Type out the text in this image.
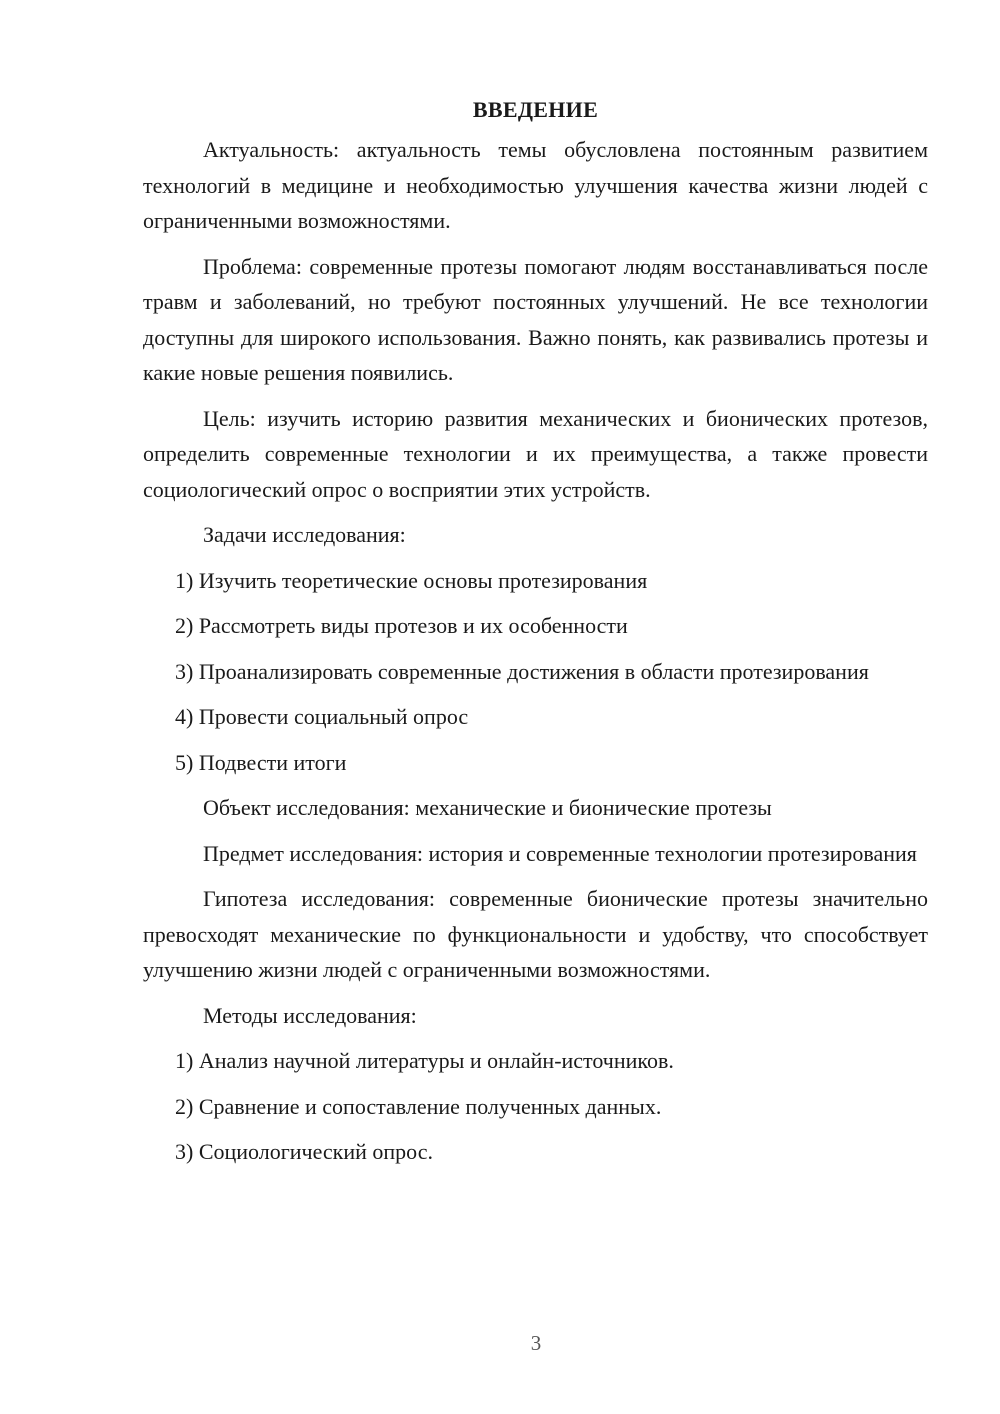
ВВЕДЕНИЕ

Актуальность: актуальность темы обусловлена постоянным развитием технологий в медицине и необходимостью улучшения качества жизни людей с ограниченными возможностями.

Проблема: современные протезы помогают людям восстанавливаться после травм и заболеваний, но требуют постоянных улучшений. Не все технологии доступны для широкого использования. Важно понять, как развивались протезы и какие новые решения появились.

Цель: изучить историю развития механических и бионических протезов, определить современные технологии и их преимущества, а также провести социологический опрос о восприятии этих устройств.

Задачи исследования:

1) Изучить теоретические основы протезирования

2) Рассмотреть виды протезов и их особенности

3) Проанализировать современные достижения в области протезирования

4) Провести социальный опрос

5) Подвести итоги

Объект исследования: механические и бионические протезы

Предмет исследования: история и современные технологии протезирования

Гипотеза исследования: современные бионические протезы значительно превосходят механические по функциональности и удобству, что способствует улучшению жизни людей с ограниченными возможностями.

Методы исследования:

1) Анализ научной литературы и онлайн-источников.

2) Сравнение и сопоставление полученных данных.

3) Социологический опрос.

3
